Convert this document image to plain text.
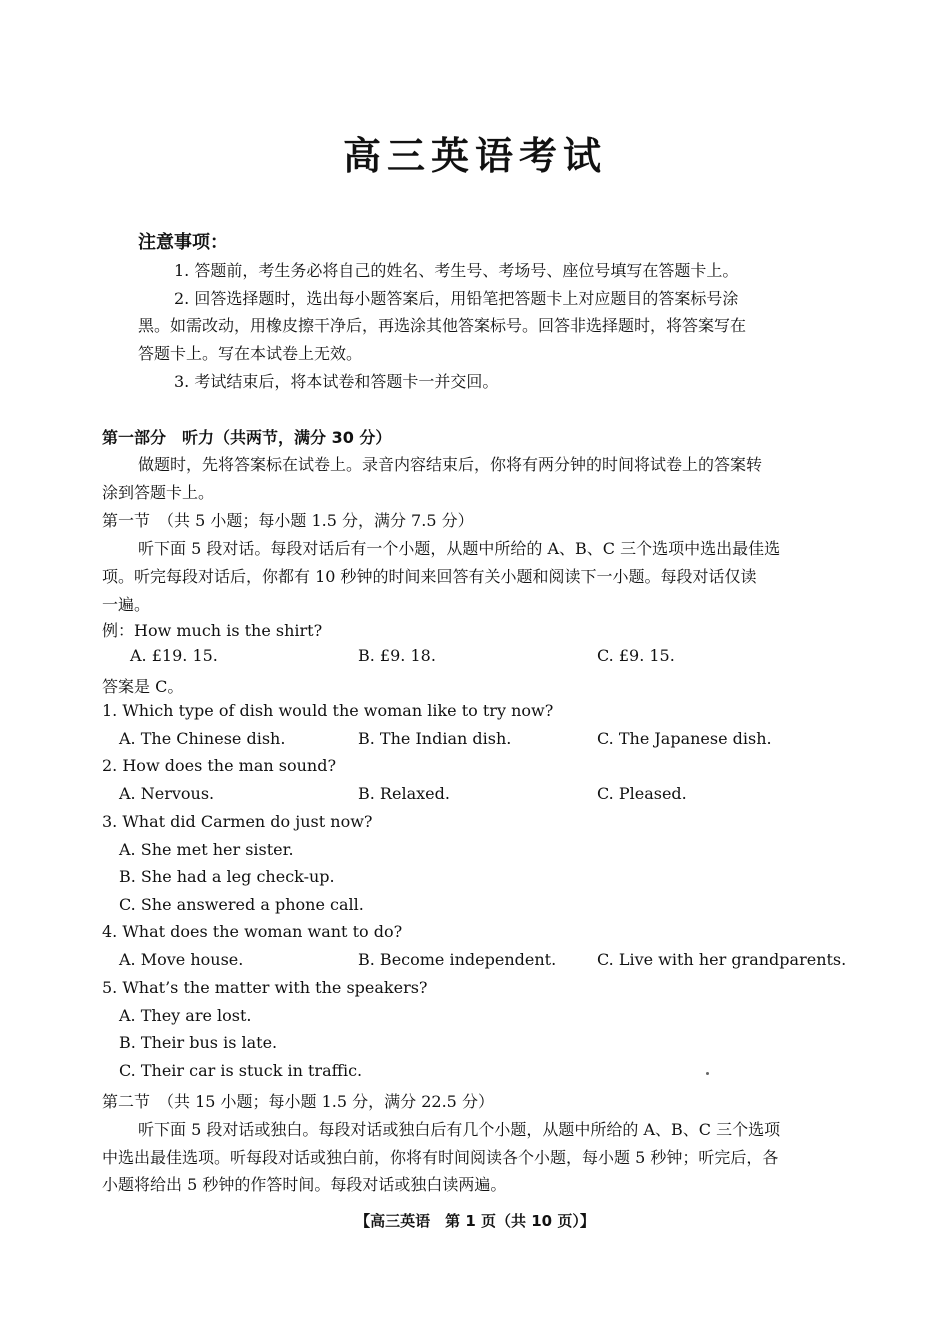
高三英语考试
注意事项：
1. 答题前，考生务必将自己的姓名、考生号、考场号、座位号填写在答题卡上。
2. 回答选择题时，选出每小题答案后，用铅笔把答题卡上对应题目的答案标号涂
黑。如需改动，用橡皮擦干净后，再选涂其他答案标号。回答非选择题时，将答案写在
答题卡上。写在本试卷上无效。
3. 考试结束后，将本试卷和答题卡一并交回。
第一部分　听力（共两节，满分 30 分）
做题时，先将答案标在试卷上。录音内容结束后，你将有两分钟的时间将试卷上的答案转
涂到答题卡上。
第一节　（共 5 小题；每小题 1.5 分，满分 7.5 分）
听下面 5 段对话。每段对话后有一个小题，从题中所给的 A、B、C 三个选项中选出最佳选
项。听完每段对话后，你都有 10 秒钟的时间来回答有关小题和阅读下一小题。每段对话仅读
一遍。
例：How much is the shirt?
A. £19. 15.	B. £9. 18.	C. £9. 15.
答案是 C。
1. Which type of dish would the woman like to try now?
A. The Chinese dish.	B. The Indian dish.	C. The Japanese dish.
2. How does the man sound?
A. Nervous.	B. Relaxed.	C. Pleased.
3. What did Carmen do just now?
A. She met her sister.
B. She had a leg check-up.
C. She answered a phone call.
4. What does the woman want to do?
A. Move house.	B. Become independent.	C. Live with her grandparents.
5. What’s the matter with the speakers?
A. They are lost.
B. Their bus is late.
C. Their car is stuck in traffic.
第二节　（共 15 小题；每小题 1.5 分，满分 22.5 分）
听下面 5 段对话或独白。每段对话或独白后有几个小题，从题中所给的 A、B、C 三个选项
中选出最佳选项。听每段对话或独白前，你将有时间阅读各个小题，每小题 5 秒钟；听完后，各
小题将给出 5 秒钟的作答时间。每段对话或独白读两遍。
【高三英语　第 1 页（共 10 页）】
